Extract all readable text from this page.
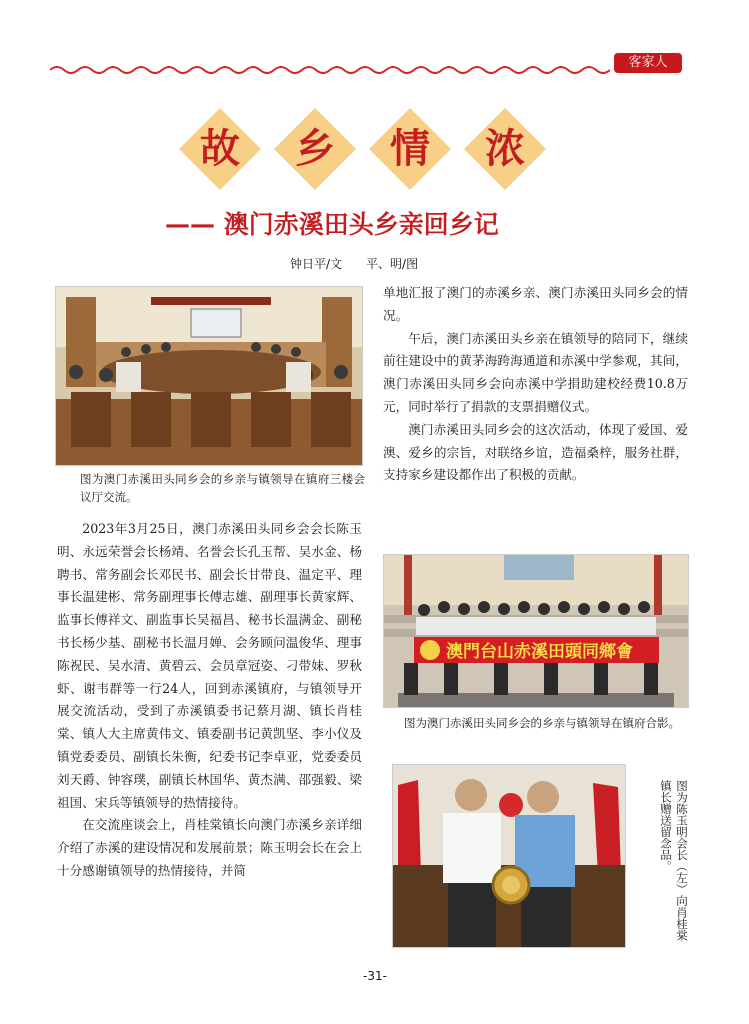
客家人
故	乡	情	浓
—— 澳门赤溪田头乡亲回乡记
钟日平/文　　平、明/图
图为澳门赤溪田头同乡会的乡亲与镇领导在镇府三楼会议厅交流。

2023年3月25日，澳门赤溪田头同乡会会长陈玉明、永远荣誉会长杨靖、名誉会长孔玉帮、吴水金、杨聘书、常务副会长邓民书、副会长甘带良、温定平、理事长温建彬、常务副理事长傅志雄、副理事长黄家辉、监事长傅祥文、副监事长吴福昌、秘书长温满金、副秘书长杨少基、副秘书长温月婵、会务顾问温俊华、理事陈祝民、吴水清、黄碧云、会员章冠姿、刁带妹、罗秋虾、谢韦群等一行24人，回到赤溪镇府，与镇领导开展交流活动，受到了赤溪镇委书记蔡月湖、镇长肖桂棠、镇人大主席黄伟文、镇委副书记黄凯坚、李小仪及镇党委委员、副镇长朱衡，纪委书记李卓亚，党委委员刘天爵、钟容璞，副镇长林国华、黄杰满、邵强毅、梁祖国、宋兵等镇领导的热情接待。

在交流座谈会上，肖桂棠镇长向澳门赤溪乡亲详细介绍了赤溪的建设情况和发展前景；陈玉明会长在会上十分感谢镇领导的热情接待，并简

单地汇报了澳门的赤溪乡亲、澳门赤溪田头同乡会的情况。

午后，澳门赤溪田头乡亲在镇领导的陪同下，继续前往建设中的黄茅海跨海通道和赤溪中学参观，其间，澳门赤溪田头同乡会向赤溪中学捐助建校经费10.8万元，同时举行了捐款的支票捐赠仪式。

澳门赤溪田头同乡会的这次活动，体现了爱国、爱澳、爱乡的宗旨，对联络乡谊，造福桑梓，服务社群，支持家乡建设都作出了积极的贡献。

澳門台山赤溪田頭同鄉會
图为澳门赤溪田头同乡会的乡亲与镇领导在镇府合影。
图为陈玉明会长（左）向肖桂棠镇长赠送留念品。
-31-
